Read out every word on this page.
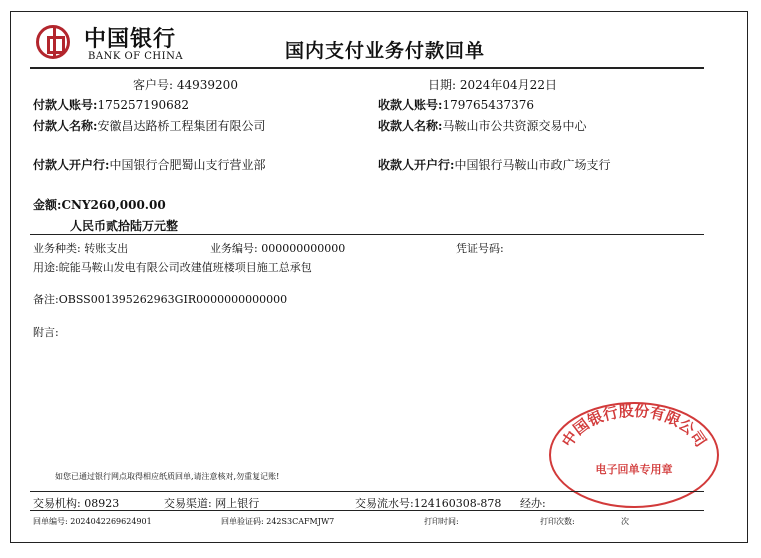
中国银行
BANK OF CHINA	国内支付业务付款回单
客户号: 44939200	日期: 2024年04月22日
付款人账号:175257190682
付款人名称:安徽昌达路桥工程集团有限公司
付款人开户行:中国银行合肥蜀山支行营业部
收款人账号:179765437376
收款人名称:马鞍山市公共资源交易中心
收款人开户行:中国银行马鞍山市政广场支行
金额:CNY260,000.00
人民币贰拾陆万元整
业务种类: 转账支出	业务编号: 000000000000	凭证号码:
用途:皖能马鞍山发电有限公司改建值班楼项目施工总承包
备注:OBSS001395262963GIR0000000000000
附言:
如您已通过银行网点取得相应纸质回单,请注意核对,勿重复记账!
中国银行股份有限公司
电子回单专用章
交易机构: 08923	交易渠道: 网上银行	交易流水号:124160308-878 经办:
回单编号: 2024042269624901	回单验证码: 242S3CAFMJW7	打印时间:	打印次数:	次
